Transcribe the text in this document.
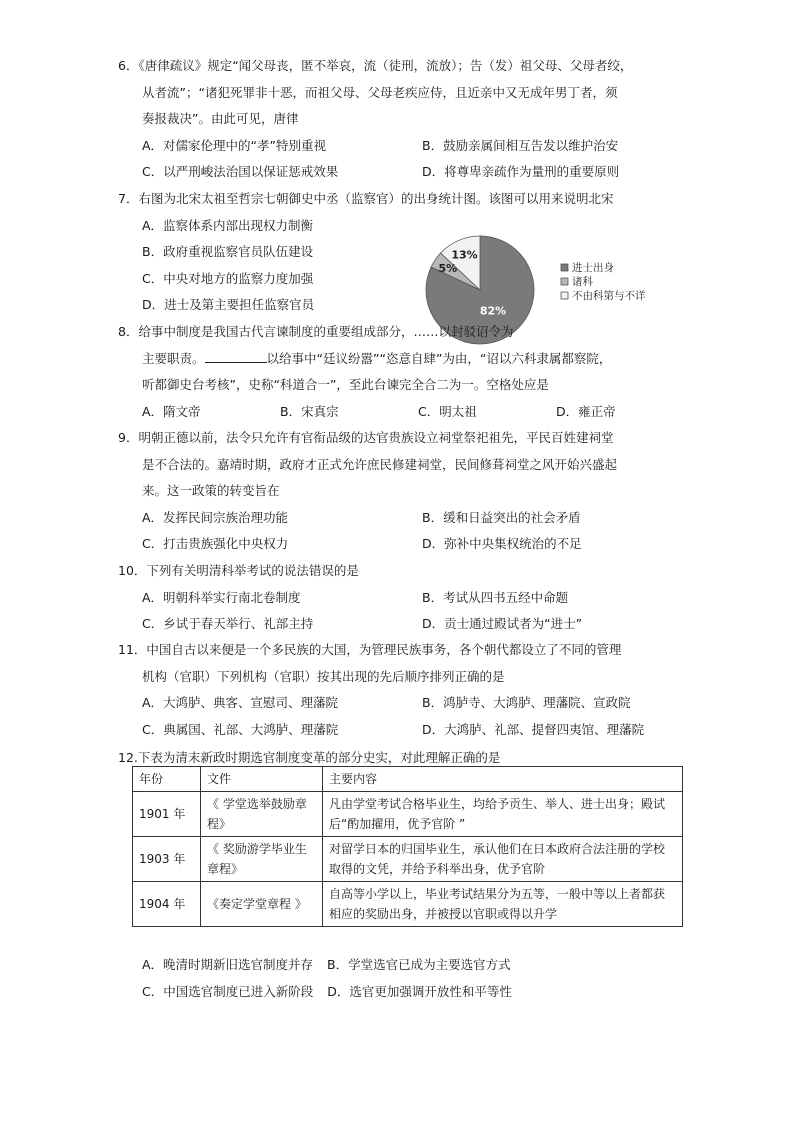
6．《唐律疏议》规定“闻父母丧，匿不举哀，流（徒刑，流放）；告（发）祖父母、父母者绞，
从者流”；“诸犯死罪非十恶，而祖父母、父母老疾应侍，且近亲中又无成年男丁者，须
奏报裁决”。由此可见，唐律
A．对儒家伦理中的“孝”特别重视	B．鼓励亲属间相互告发以维护治安
C．以严刑峻法治国以保证惩戒效果	D．将尊卑亲疏作为量刑的重要原则
7．右图为北宋太祖至哲宗七朝御史中丞（监察官）的出身统计图。该图可以用来说明北宋
A．监察体系内部出现权力制衡
B．政府重视监察官员队伍建设
C．中央对地方的监察力度加强
D．进士及第主要担任监察官员	82%
5%
13%
进士出身
诸科
不由科第与不详
8．给事中制度是我国古代言谏制度的重要组成部分，……以封驳诏令为
主要职责。	以给事中“廷议纷嚣”“恣意自肆”为由，“诏以六科隶属都察院，
听都御史台考核”，史称“科道合一”，至此台谏完全合二为一。空格处应是
A．隋文帝	B．宋真宗	C．明太祖	D．雍正帝
9．明朝正德以前，法令只允许有官衔品级的达官贵族设立祠堂祭祀祖先，平民百姓建祠堂
是不合法的。嘉靖时期，政府才正式允许庶民修建祠堂，民间修葺祠堂之风开始兴盛起
来。这一政策的转变旨在
A．发挥民间宗族治理功能	B．缓和日益突出的社会矛盾
C．打击贵族强化中央权力	D．弥补中央集权统治的不足
10．下列有关明清科举考试的说法错误的是
A．明朝科举实行南北卷制度	B．考试从四书五经中命题
C．乡试于春天举行、礼部主持	D．贡士通过殿试者为“进士”
11．中国自古以来便是一个多民族的大国，为管理民族事务，各个朝代都设立了不同的管理
机构（官职）下列机构（官职）按其出现的先后顺序排列正确的是
A．大鸿胪、典客、宣慰司、理藩院	B．鸿胪寺、大鸿胪、理藩院、宣政院
C．典属国、礼部、大鸿胪、理藩院	D．大鸿胪、礼部、提督四夷馆、理藩院
12.下表为清末新政时期选官制度变革的部分史实，对此理解正确的是
年份	文件	主要内容
1901 年	《 学堂选举鼓励章程》	凡由学堂考试合格毕业生，均给予贡生、举人、进士出身；殿试后“酌加擢用，优予官阶 ”
1903 年	《 奖励游学毕业生章程》	对留学日本的归国毕业生，承认他们在日本政府合法注册的学校取得的文凭，并给予科举出身，优予官阶
1904 年	《奏定学堂章程 》	自高等小学以上，毕业考试结果分为五等，一般中等以上者都获相应的奖励出身，并被授以官职或得以升学
A．晚清时期新旧选官制度并存 B．学堂选官已成为主要选官方式
C．中国选官制度已进入新阶段 D．选官更加强调开放性和平等性
